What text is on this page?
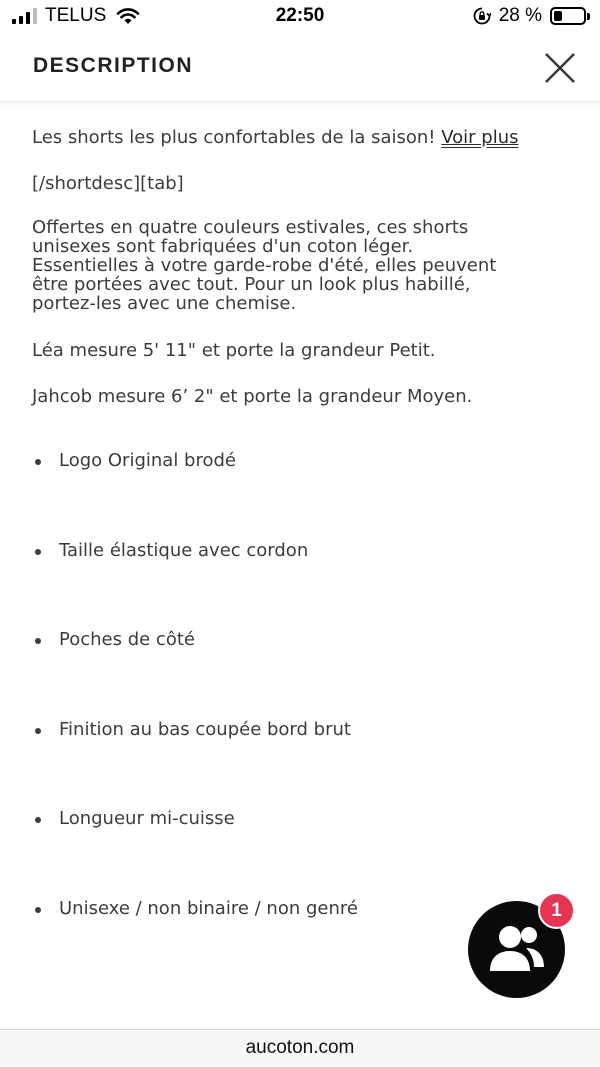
TELUS	22:50	28 %
DESCRIPTION

Les shorts les plus confortables de la saison! Voir plus

[/shortdesc][tab]

Offertes en quatre couleurs estivales, ces shorts
unisexes sont fabriquées d'un coton léger.
Essentielles à votre garde-robe d'été, elles peuvent
être portées avec tout. Pour un look plus habillé,
portez-les avec une chemise.

Léa mesure 5' 11" et porte la grandeur Petit.

Jahcob mesure 6’ 2" et porte la grandeur Moyen.

Logo Original brodé
Taille élastique avec cordon
Poches de côté
Finition au bas coupée bord brut
Longueur mi-cuisse
Unisexe / non binaire / non genré	1
aucoton.com
